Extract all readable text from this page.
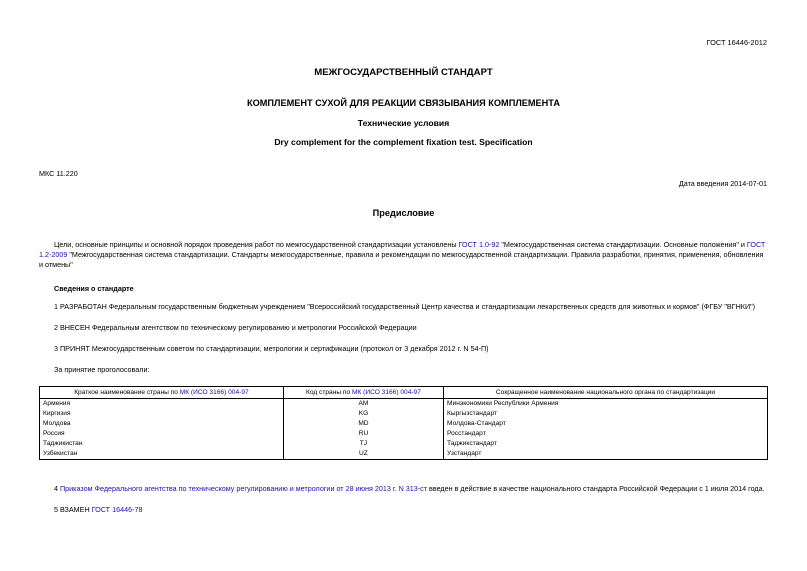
ГОСТ 16446-2012
МЕЖГОСУДАРСТВЕННЫЙ СТАНДАРТ
КОМПЛЕМЕНТ СУХОЙ ДЛЯ РЕАКЦИИ СВЯЗЫВАНИЯ КОМПЛЕМЕНТА
Технические условия
Dry complement for the complement fixation test. Specification
МКС 11.220
Дата введения 2014-07-01
Предисловие
Цели, основные принципы и основной порядок проведения работ по межгосударственной стандартизации установлены ГОСТ 1.0-92 "Межгосударственная система стандартизации. Основные положения" и ГОСТ 1.2-2009 "Межгосударственная система стандартизации. Стандарты межгосударственные, правила и рекомендации по межгосударственной стандартизации. Правила разработки, принятия, применения, обновления и отмены"
Сведения о стандарте
1 РАЗРАБОТАН Федеральным государственным бюджетным учреждением "Всероссийский государственный Центр качества и стандартизации лекарственных средств для животных и кормов" (ФГБУ "ВГНКИ")
2 ВНЕСЕН Федеральным агентством по техническому регулированию и метрологии Российской Федерации
3 ПРИНЯТ Межгосударственным советом по стандартизации, метрологии и сертификации (протокол от 3 декабря 2012 г. N 54-П)
За принятие проголосовали:
Краткое наименование страны по МК (ИСО 3166) 004-97	Код страны по МК (ИСО 3166) 004-97	Сокращенное наименование национального органа по стандартизации
Армения	AM	Минэкономики Республики Армения
Киргизия	KG	Кыргызстандарт
Молдова	MD	Молдова-Стандарт
Россия	RU	Росстандарт
Таджикистан	TJ	Таджикстандарт
Узбекистан	UZ	Узстандарт
4 Приказом Федерального агентства по техническому регулированию и метрологии от 28 июня 2013 г. N 313-ст введен в действие в качестве национального стандарта Российской Федерации с 1 июля 2014 года.
5 ВЗАМЕН ГОСТ 16446-78
